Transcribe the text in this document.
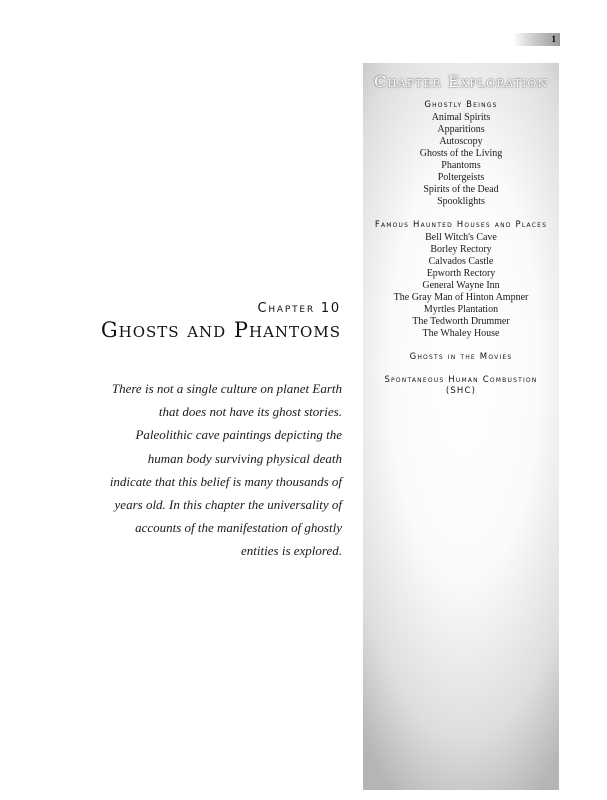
1
Chapter Exploration
Ghostly Beings
Animal Spirits
Apparitions
Autoscopy
Ghosts of the Living
Phantoms
Poltergeists
Spirits of the Dead
Spooklights
Famous Haunted Houses and Places
Bell Witch's Cave
Borley Rectory
Calvados Castle
Epworth Rectory
General Wayne Inn
The Gray Man of Hinton Ampner
Myrtles Plantation
The Tedworth Drummer
The Whaley House
Ghosts in the Movies
Spontaneous Human Combustion (SHC)
Chapter 10
Ghosts and Phantoms

There is not a single culture on planet Earth that does not have its ghost stories. Paleolithic cave paintings depicting the human body surviving physical death indicate that this belief is many thousands of years old. In this chapter the universality of accounts of the manifestation of ghostly entities is explored.
